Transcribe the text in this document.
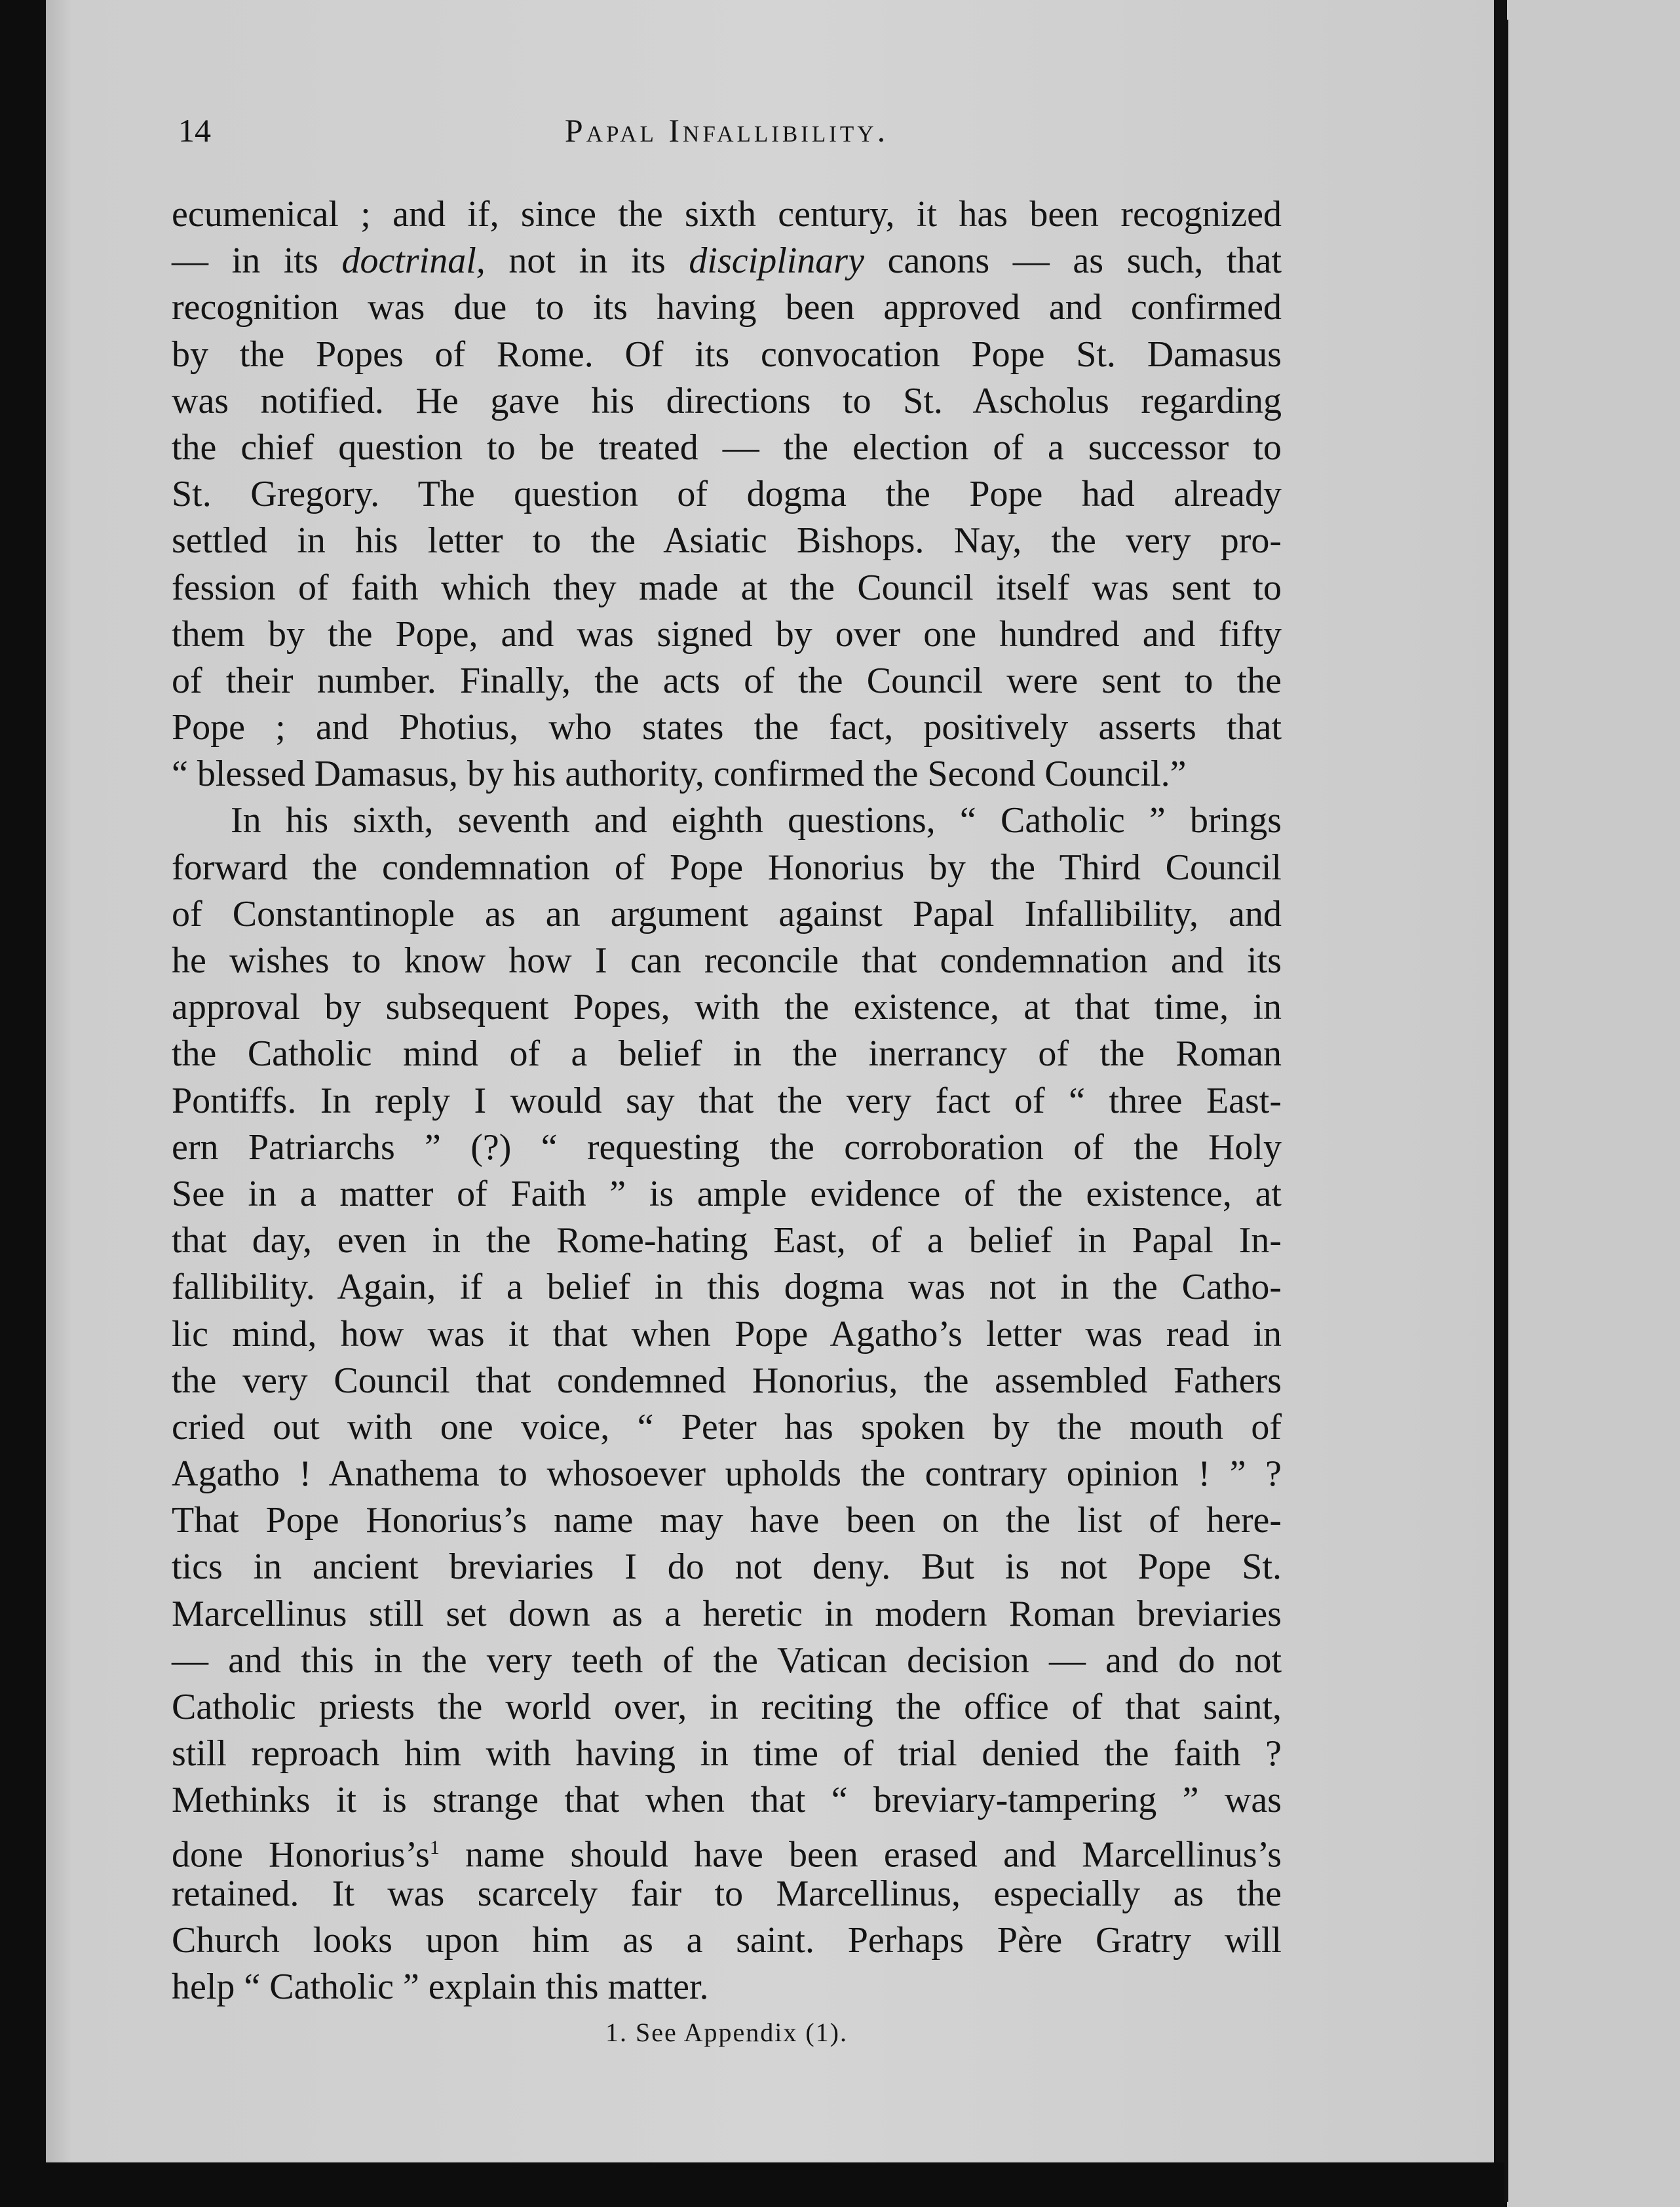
14	Papal Infallibility.
ecumenical ; and if, since the sixth century, it has been recognized
— in its doctrinal, not in its disciplinary canons — as such, that
recognition was due to its having been approved and confirmed
by the Popes of Rome. Of its convocation Pope St. Damasus
was notified. He gave his directions to St. Ascholus regarding
the chief question to be treated — the election of a successor to
St. Gregory. The question of dogma the Pope had already
settled in his letter to the Asiatic Bishops. Nay, the very pro-
fession of faith which they made at the Council itself was sent to
them by the Pope, and was signed by over one hundred and fifty
of their number. Finally, the acts of the Council were sent to the
Pope ; and Photius, who states the fact, positively asserts that
“ blessed Damasus, by his authority, confirmed the Second Council.”
In his sixth, seventh and eighth questions, “ Catholic ” brings
forward the condemnation of Pope Honorius by the Third Council
of Constantinople as an argument against Papal Infallibility, and
he wishes to know how I can reconcile that condemnation and its
approval by subsequent Popes, with the existence, at that time, in
the Catholic mind of a belief in the inerrancy of the Roman
Pontiffs. In reply I would say that the very fact of “ three East-
ern Patriarchs ” (?) “ requesting the corroboration of the Holy
See in a matter of Faith ” is ample evidence of the existence, at
that day, even in the Rome-hating East, of a belief in Papal In-
fallibility. Again, if a belief in this dogma was not in the Catho-
lic mind, how was it that when Pope Agatho’s letter was read in
the very Council that condemned Honorius, the assembled Fathers
cried out with one voice, “ Peter has spoken by the mouth of
Agatho ! Anathema to whosoever upholds the contrary opinion ! ” ?
That Pope Honorius’s name may have been on the list of here-
tics in ancient breviaries I do not deny. But is not Pope St.
Marcellinus still set down as a heretic in modern Roman breviaries
— and this in the very teeth of the Vatican decision — and do not
Catholic priests the world over, in reciting the office of that saint,
still reproach him with having in time of trial denied the faith ?
Methinks it is strange that when that “ breviary-tampering ” was
done $Honorius’s^1$ name should have been erased and Marcellinus’s
retained. It was scarcely fair to Marcellinus, especially as the
Church looks upon him as a saint. Perhaps Père Gratry will
help “ Catholic ” explain this matter.
1. See Appendix (1).
